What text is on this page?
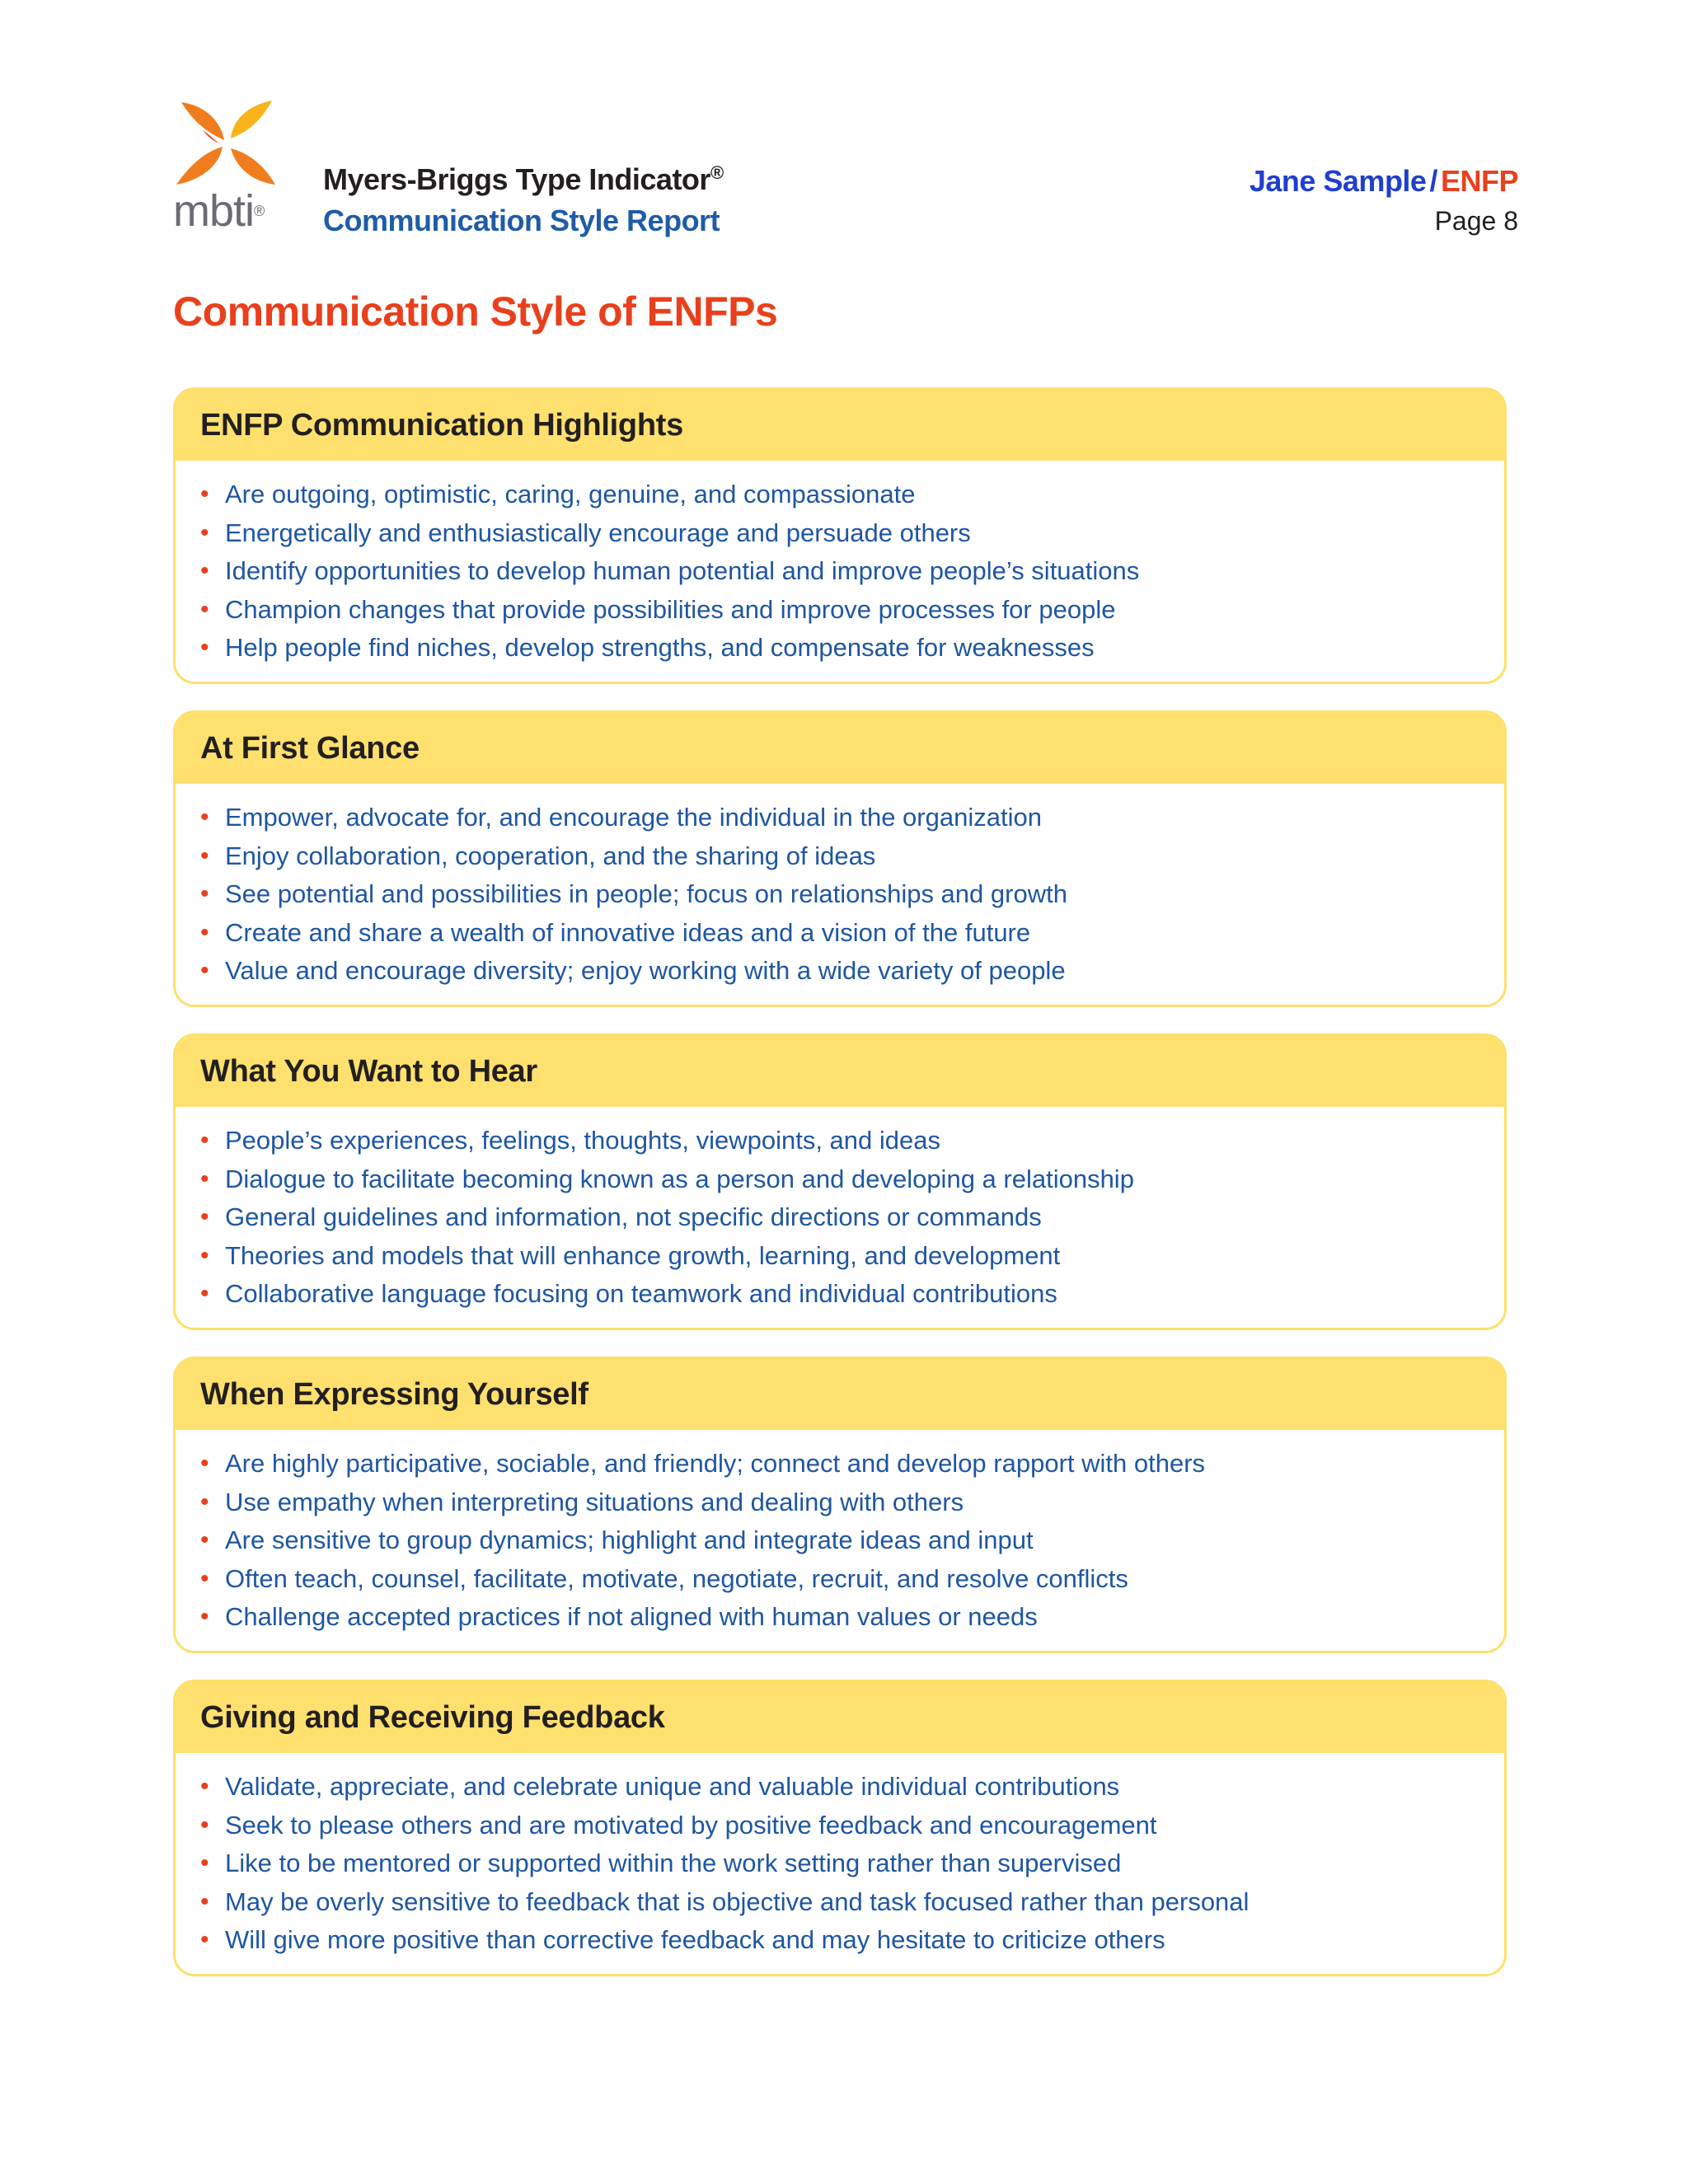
mbti®
Myers-Briggs Type Indicator®
Communication Style Report
Jane Sample / ENFP
Page 8
Communication Style of ENFPs
ENFP Communication Highlights
• Are outgoing, optimistic, caring, genuine, and compassionate
• Energetically and enthusiastically encourage and persuade others
• Identify opportunities to develop human potential and improve people’s situations
• Champion changes that provide possibilities and improve processes for people
• Help people find niches, develop strengths, and compensate for weaknesses
At First Glance
• Empower, advocate for, and encourage the individual in the organization
• Enjoy collaboration, cooperation, and the sharing of ideas
• See potential and possibilities in people; focus on relationships and growth
• Create and share a wealth of innovative ideas and a vision of the future
• Value and encourage diversity; enjoy working with a wide variety of people
What You Want to Hear
• People’s experiences, feelings, thoughts, viewpoints, and ideas
• Dialogue to facilitate becoming known as a person and developing a relationship
• General guidelines and information, not specific directions or commands
• Theories and models that will enhance growth, learning, and development
• Collaborative language focusing on teamwork and individual contributions
When Expressing Yourself
• Are highly participative, sociable, and friendly; connect and develop rapport with others
• Use empathy when interpreting situations and dealing with others
• Are sensitive to group dynamics; highlight and integrate ideas and input
• Often teach, counsel, facilitate, motivate, negotiate, recruit, and resolve conflicts
• Challenge accepted practices if not aligned with human values or needs
Giving and Receiving Feedback
• Validate, appreciate, and celebrate unique and valuable individual contributions
• Seek to please others and are motivated by positive feedback and encouragement
• Like to be mentored or supported within the work setting rather than supervised
• May be overly sensitive to feedback that is objective and task focused rather than personal
• Will give more positive than corrective feedback and may hesitate to criticize others
